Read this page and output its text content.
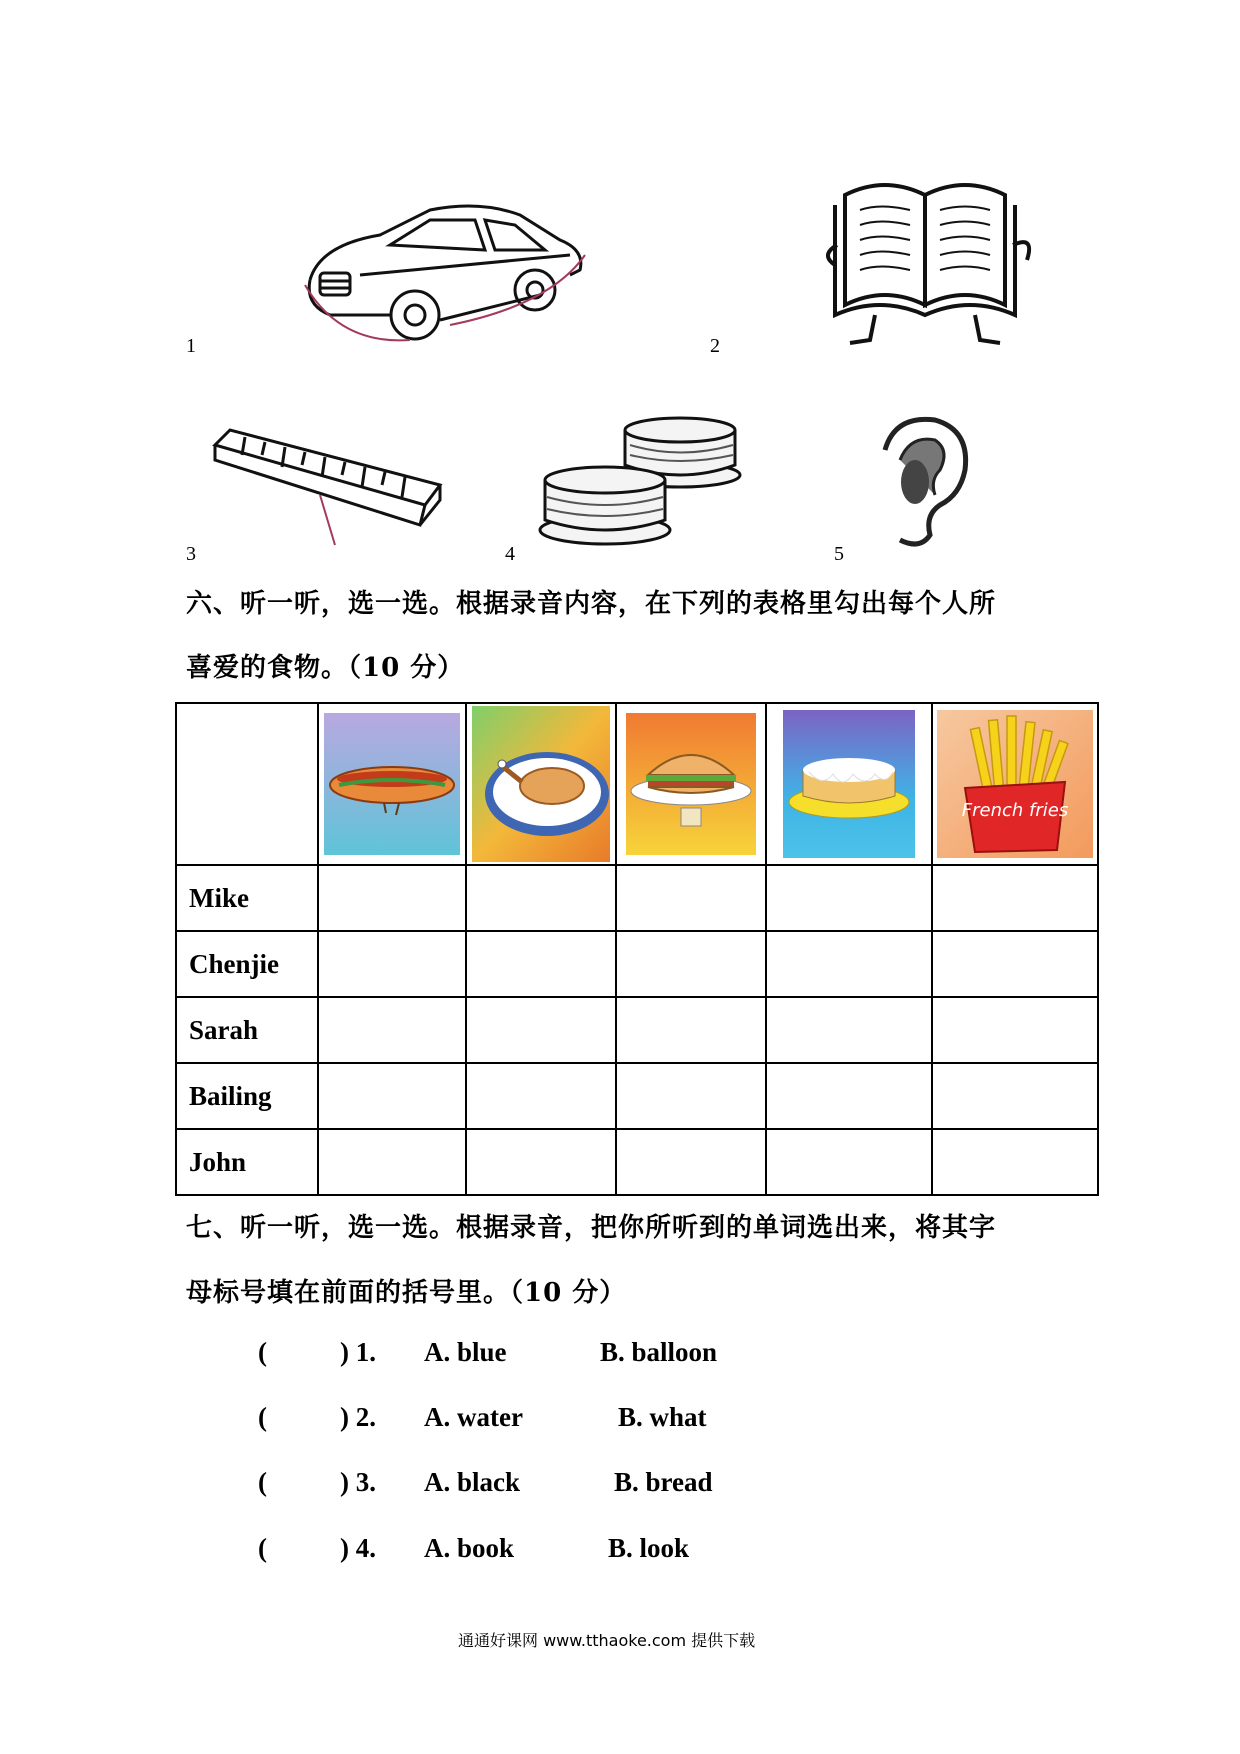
1	2
3	4	5
六、听一听，选一选。根据录音内容，在下列的表格里勾出每个人所
喜爱的食物。（10 分）

French fries

Mike					
Chenjie					
Sarah					
Bailing					
John					
七、听一听，选一选。根据录音，把你所听到的单词选出来，将其字
母标号填在前面的括号里。（10 分）
(	) 1. A. blue	B. balloon
(	) 2. A. water	B. what
(	) 3. A. black	B. bread
(	) 4. A. book	B. look
通通好课网 www.tthaoke.com 提供下载
